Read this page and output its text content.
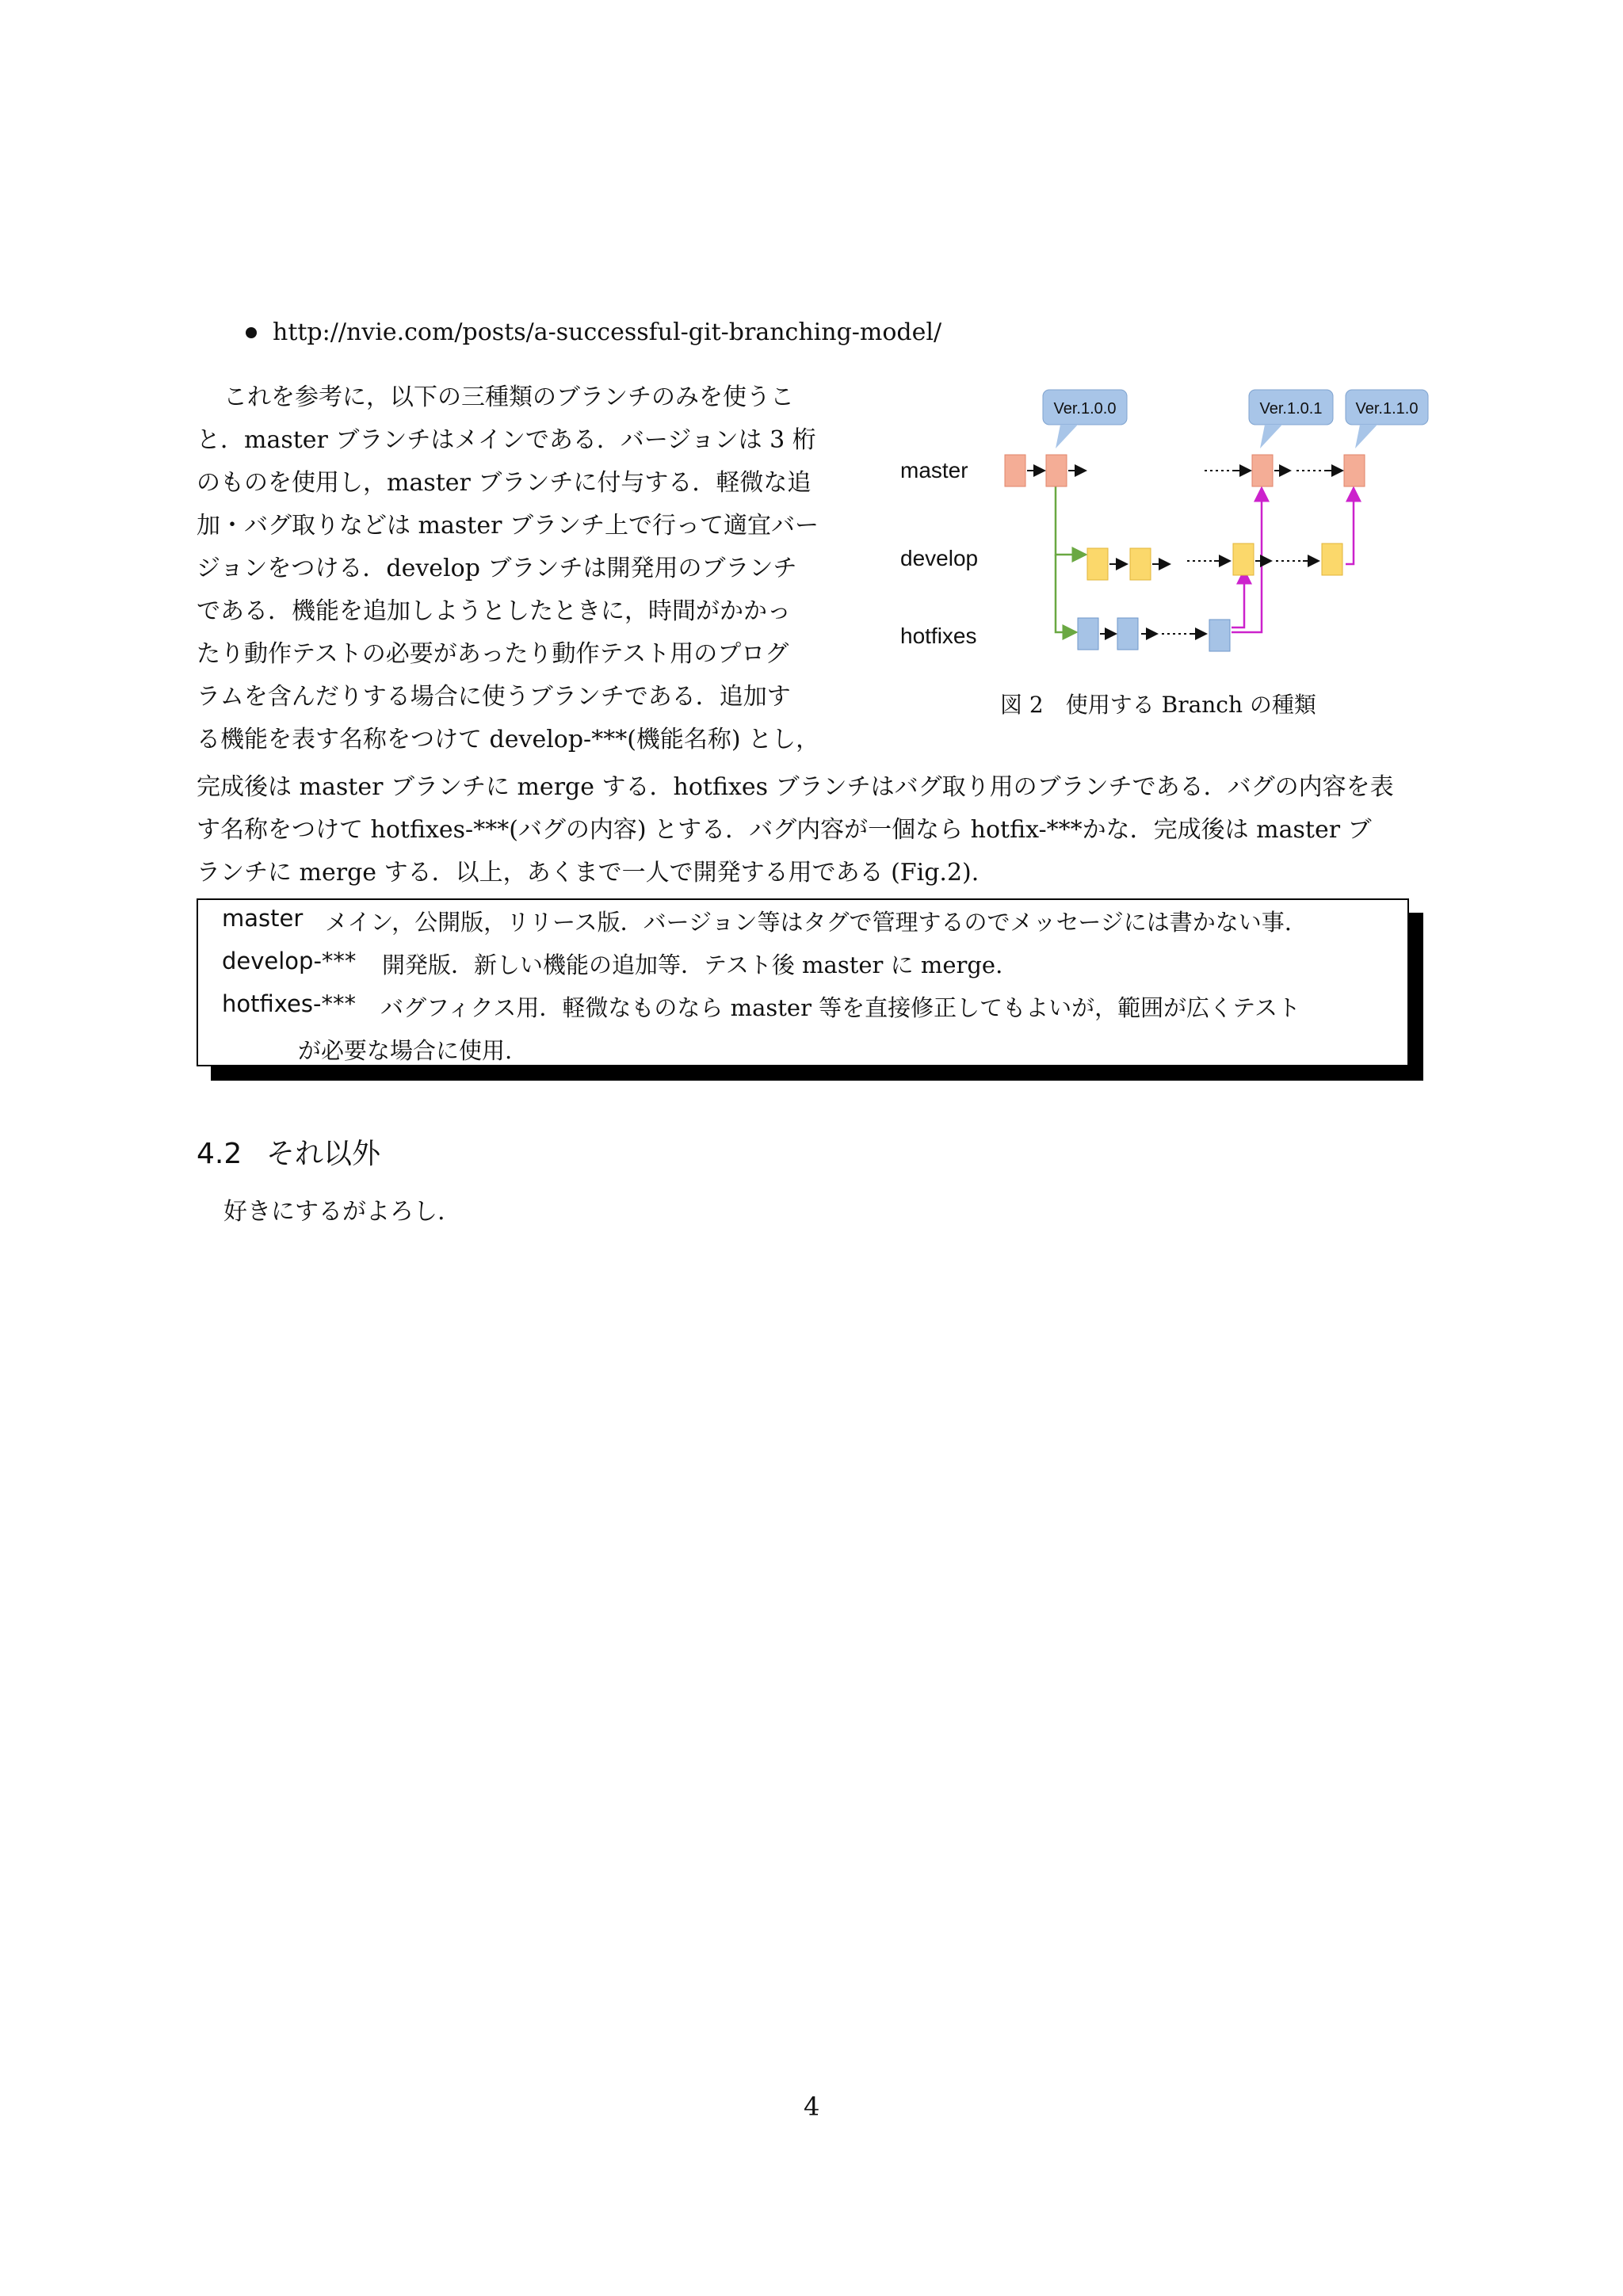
http://nvie.com/posts/a-successful-git-branching-model/
これを参考に，以下の三種類のブランチのみを使うこ
と．master ブランチはメインである．バージョンは 3 桁
のものを使用し，master ブランチに付与する．軽微な追
加・バグ取りなどは master ブランチ上で行って適宜バー
ジョンをつける．develop ブランチは開発用のブランチ
である．機能を追加しようとしたときに，時間がかかっ
たり動作テストの必要があったり動作テスト用のプログ
ラムを含んだりする場合に使うブランチである．追加す
る機能を表す名称をつけて develop-***(機能名称) とし，
完成後は master ブランチに merge する．hotfixes ブランチはバグ取り用のブランチである．バグの内容を表
す名称をつけて hotfixes-***(バグの内容) とする．バグ内容が一個なら hotfix-***かな．完成後は master ブ
ランチに merge する．以上，あくまで一人で開発する用である (Fig.2).
master
develop
hotfixes
Ver.1.0.0	Ver.1.0.1 Ver.1.1.0
図 2　使用する Branch の種類
master メイン，公開版，リリース版．バージョン等はタグで管理するのでメッセージには書かない事.
develop-*** 開発版．新しい機能の追加等．テスト後 master に merge.
hotfixes-*** バグフィクス用．軽微なものなら master 等を直接修正してもよいが，範囲が広くテスト
が必要な場合に使用.
4.2 それ以外
好きにするがよろし.
4
